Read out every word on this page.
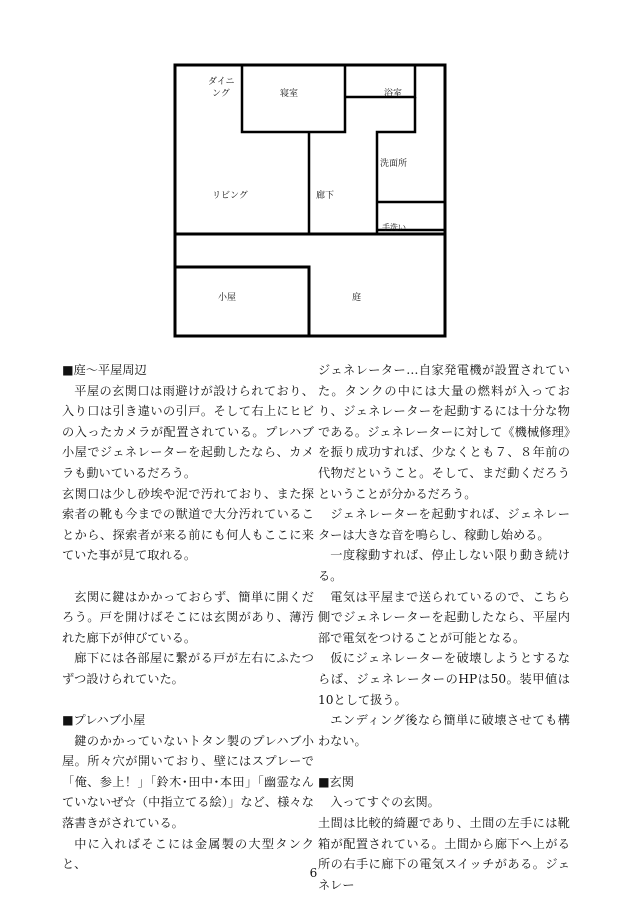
ダイニ
ング	寝室	浴室
洗面所
リビング	廊下
手洗い
小屋	庭

■庭～平屋周辺

平屋の玄関口は雨避けが設けられており、入り口は引き違いの引戸。そして右上にヒビの入ったカメラが配置されている。プレハブ小屋でジェネレーターを起動したなら、カメラも動いているだろう。

玄関口は少し砂埃や泥で汚れており、また探索者の靴も今までの獣道で大分汚れていることから、探索者が来る前にも何人もここに来ていた事が見て取れる。

玄関に鍵はかかっておらず、簡単に開くだろう。戸を開けばそこには玄関があり、薄汚れた廊下が伸びている。

廊下には各部屋に繋がる戸が左右にふたつずつ設けられていた。

■プレハブ小屋

鍵のかかっていないトタン製のプレハブ小屋。所々穴が開いており、壁にはスプレーで「俺、参上！」「鈴木･田中･本田」「幽霊なんていないぜ☆（中指立てる絵）」など、様々な落書きがされている。

中に入ればそこには金属製の大型タンクと、

ジェネレーター…自家発電機が設置されていた。タンクの中には大量の燃料が入っており、ジェネレーターを起動するには十分な物である。ジェネレーターに対して《機械修理》を振り成功すれば、少なくとも７、８年前の代物だということ。そして、まだ動くだろうということが分かるだろう。

ジェネレーターを起動すれば、ジェネレーターは大きな音を鳴らし、稼動し始める。

一度稼動すれば、停止しない限り動き続ける。

電気は平屋まで送られているので、こちら側でジェネレーターを起動したなら、平屋内部で電気をつけることが可能となる。

仮にジェネレーターを破壊しようとするならば、ジェネレーターのHPは50。装甲値は10として扱う。

エンディング後なら簡単に破壊させても構わない。

■玄関

入ってすぐの玄関。

土間は比較的綺麗であり、土間の左手には靴箱が配置されている。土間から廊下へ上がる所の右手に廊下の電気スイッチがある。ジェネレー

6
